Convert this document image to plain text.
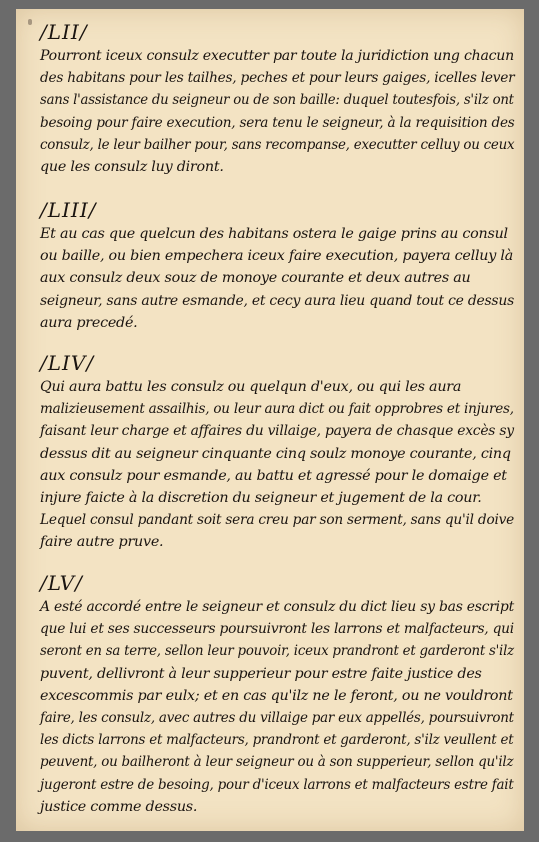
/LII/

Pourront iceux consulz executter par toute la juridiction ung chacun

des habitans pour les tailhes, peches et pour leurs gaiges, icelles lever

sans l'assistance du seigneur ou de son baille: duquel toutesfois, s'ilz ont

besoing pour faire execution, sera tenu le seigneur, à la requisition des

consulz, le leur bailher pour, sans recompanse, executter celluy ou ceux

que les consulz luy diront.

/LIII/

Et au cas que quelcun des habitans ostera le gaige prins au consul

ou baille, ou bien empechera iceux faire execution, payera celluy là

aux consulz deux souz de monoye courante et deux autres au

seigneur, sans autre esmande, et cecy aura lieu quand tout ce dessus

aura precedé.

/LIV/

Qui aura battu les consulz ou quelqun d'eux, ou qui les aura

malizieusement assailhis, ou leur aura dict ou fait opprobres et injures,

faisant leur charge et affaires du villaige, payera de chasque excès sy

dessus dit au seigneur cinquante cinq soulz monoye courante, cinq

aux consulz pour esmande, au battu et agressé pour le domaige et

injure faicte à la discretion du seigneur et jugement de la cour.

Lequel consul pandant soit sera creu par son serment, sans qu'il doive

faire autre pruve.

/LV/

A esté accordé entre le seigneur et consulz du dict lieu sy bas escript

que lui et ses successeurs poursuivront les larrons et malfacteurs, qui

seront en sa terre, sellon leur pouvoir, iceux prandront et garderont s'ilz

puvent, dellivront à leur supperieur pour estre faite justice des

excescommis par eulx; et en cas qu'ilz ne le feront, ou ne vouldront

faire, les consulz, avec autres du villaige par eux appellés, poursuivront

les dicts larrons et malfacteurs, prandront et garderont, s'ilz veullent et

peuvent, ou bailheront à leur seigneur ou à son supperieur, sellon qu'ilz

jugeront estre de besoing, pour d'iceux larrons et malfacteurs estre fait

justice comme dessus.
